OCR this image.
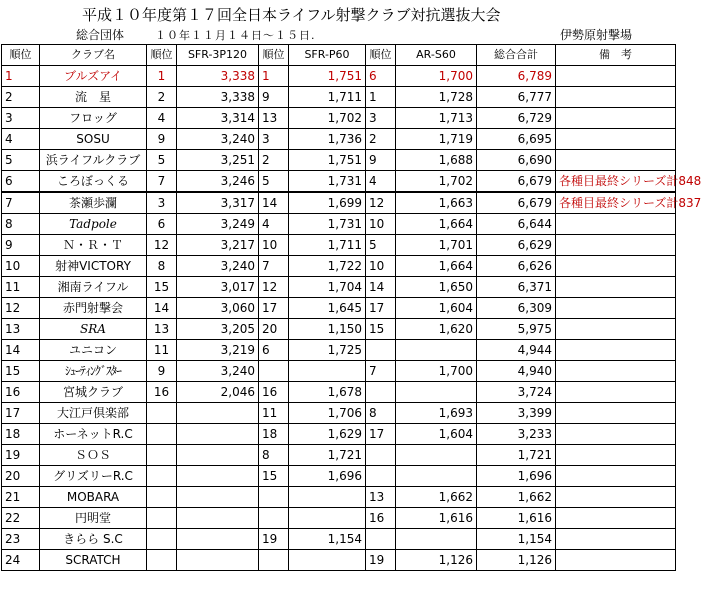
平成１０年度第１７回全日本ライフル射撃クラブ対抗選抜大会
総合団体	１０年１１月１４日～１５日.	伊勢原射撃場
順位	クラブ名	順位	SFR-3P120	順位	SFR-P60	順位	AR-S60	総合合計	備　考
1	ブルズアイ	1	3,338	1	1,751	6	1,700	6,789	
2	流　星	2	3,338	9	1,711	1	1,728	6,777	
3	フロッグ	4	3,314	13	1,702	3	1,713	6,729	
4	SOSU	9	3,240	3	1,736	2	1,719	6,695	
5	浜ライフルクラブ	5	3,251	2	1,751	9	1,688	6,690	
6	ころぼっくる	7	3,246	5	1,731	4	1,702	6,679	各種目最終シリーズ計848
7	茶瀬歩瀾	3	3,317	14	1,699	12	1,663	6,679	各種目最終シリーズ計837
8	Tadpole	6	3,249	4	1,731	10	1,664	6,644	
9	Ｎ・Ｒ・Ｔ	12	3,217	10	1,711	5	1,701	6,629	
10	射神VICTORY	8	3,240	7	1,722	10	1,664	6,626	
11	湘南ライフル	15	3,017	12	1,704	14	1,650	6,371	
12	赤門射撃会	14	3,060	17	1,645	17	1,604	6,309	
13	SRA	13	3,205	20	1,150	15	1,620	5,975	
14	ユニコン	11	3,219	6	1,725			4,944	
15	ｼｭｰﾃｨﾝｸﾞｽﾀｰ	9	3,240			7	1,700	4,940	
16	宮城クラブ	16	2,046	16	1,678			3,724	
17	大江戸倶楽部			11	1,706	8	1,693	3,399	
18	ホーネットR.C			18	1,629	17	1,604	3,233	
19	ＳＯＳ			8	1,721			1,721	
20	グリズリーR.C			15	1,696			1,696	
21	MOBARA					13	1,662	1,662	
22	円明堂					16	1,616	1,616	
23	きらら S.C			19	1,154			1,154	
24	SCRATCH					19	1,126	1,126	
